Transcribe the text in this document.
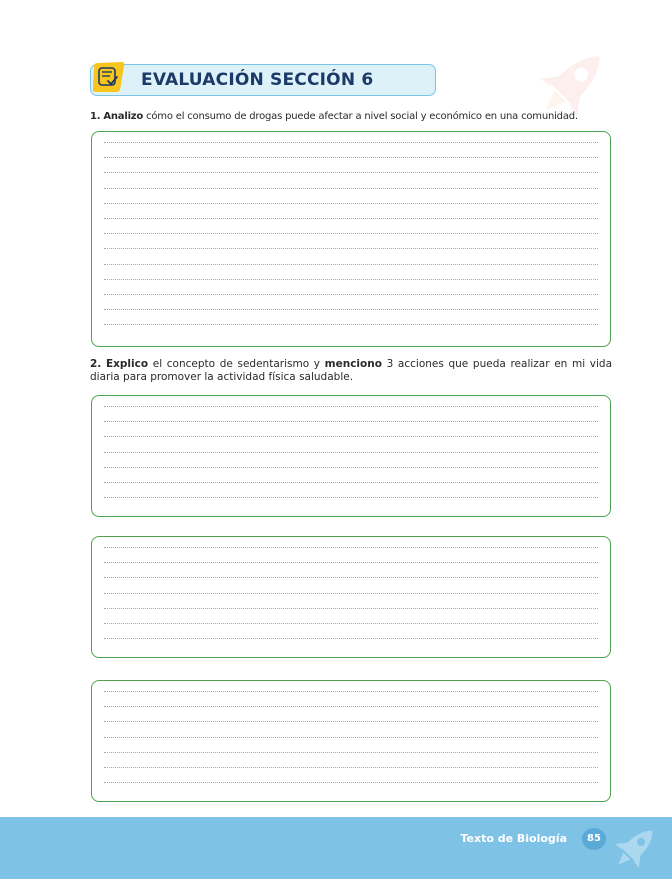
EVALUACIÓN SECCIÓN 6
1. Analizo cómo el consumo de drogas puede afectar a nivel social y económico en una comunidad.
2. Explico el concepto de sedentarismo y menciono 3 acciones que pueda realizar en mi vida diaria para promover la actividad física saludable.
Texto de Biología	85
